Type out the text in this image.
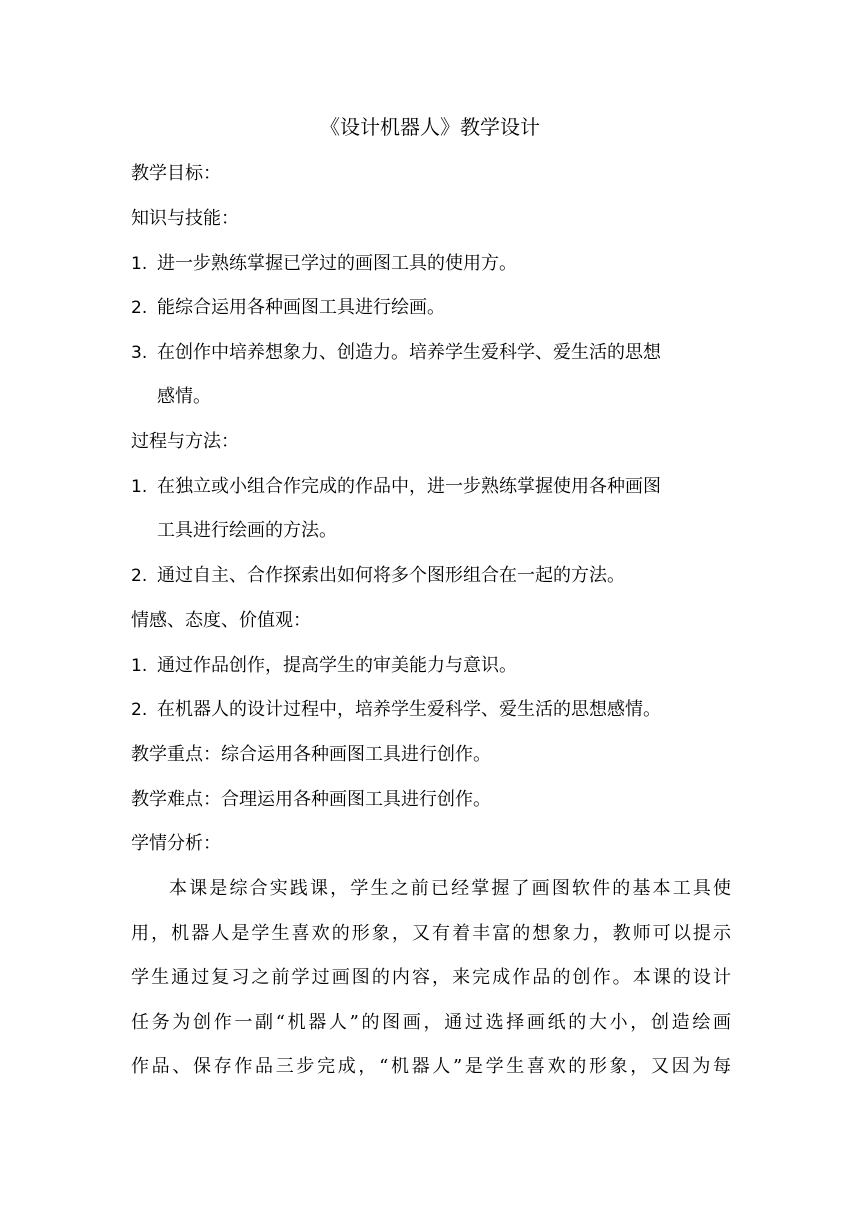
《设计机器人》教学设计
教学目标：
知识与技能：
1. 进一步熟练掌握已学过的画图工具的使用方。
2. 能综合运用各种画图工具进行绘画。
3. 在创作中培养想象力、创造力。培养学生爱科学、爱生活的思想
感情。
过程与方法：
1. 在独立或小组合作完成的作品中，进一步熟练掌握使用各种画图
工具进行绘画的方法。
2. 通过自主、合作探索出如何将多个图形组合在一起的方法。
情感、态度、价值观：
1. 通过作品创作，提高学生的审美能力与意识。
2. 在机器人的设计过程中，培养学生爱科学、爱生活的思想感情。
教学重点：综合运用各种画图工具进行创作。
教学难点：合理运用各种画图工具进行创作。
学情分析：
本课是综合实践课，学生之前已经掌握了画图软件的基本工具使
用，机器人是学生喜欢的形象，又有着丰富的想象力，教师可以提示
学生通过复习之前学过画图的内容，来完成作品的创作。本课的设计
任务为创作一副“机器人”的图画，通过选择画纸的大小，创造绘画
作品、保存作品三步完成，“机器人”是学生喜欢的形象，又因为每
